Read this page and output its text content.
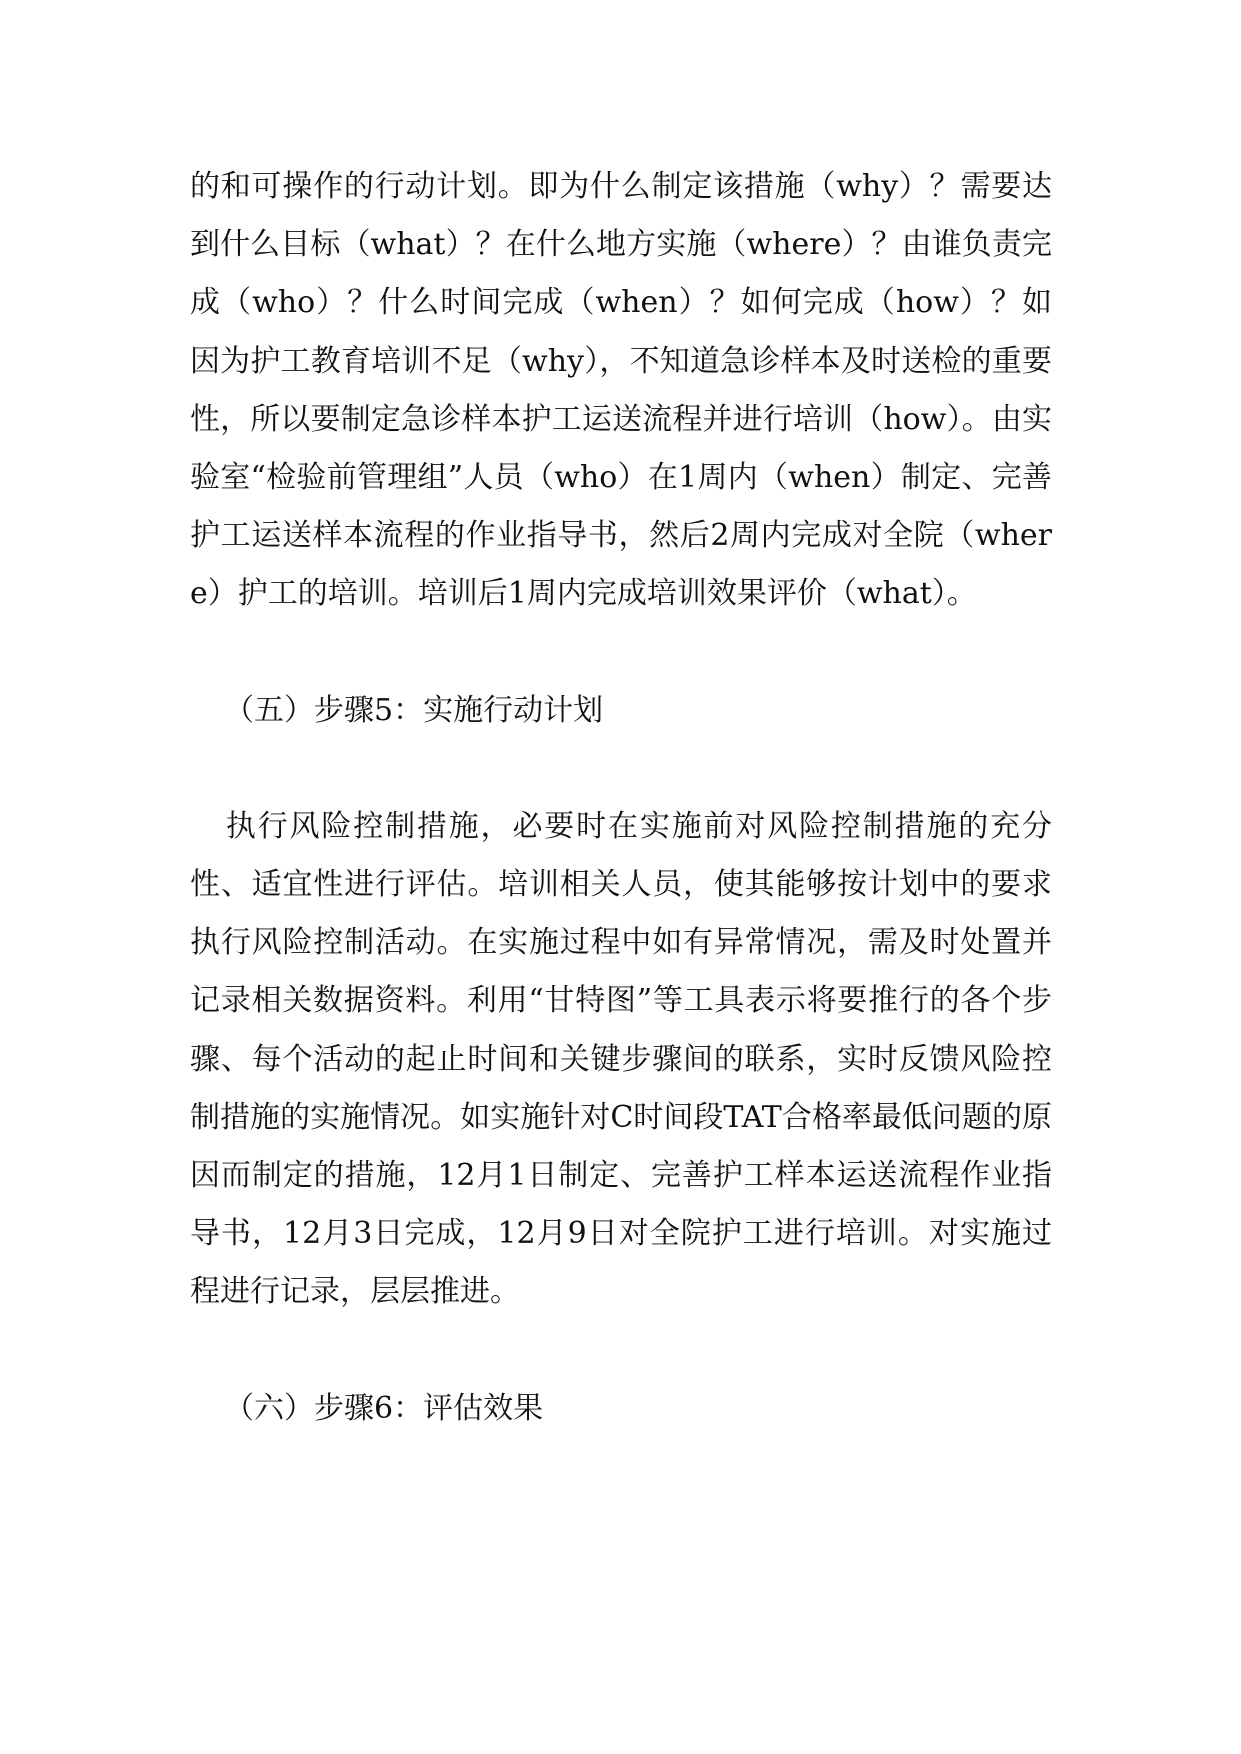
的和可操作的行动计划。即为什么制定该措施（why）？需要达到什么目标（what）？在什么地方实施（where）？由谁负责完成（who）？什么时间完成（when）？如何完成（how）？如因为护工教育培训不足（why），不知道急诊样本及时送检的重要性，所以要制定急诊样本护工运送流程并进行培训（how）。由实验室“检验前管理组”人员（who）在1周内（when）制定、完善护工运送样本流程的作业指导书，然后2周内完成对全院（where）护工的培训。培训后1周内完成培训效果评价（what）。

（五）步骤5：实施行动计划

执行风险控制措施，必要时在实施前对风险控制措施的充分性、适宜性进行评估。培训相关人员，使其能够按计划中的要求执行风险控制活动。在实施过程中如有异常情况，需及时处置并记录相关数据资料。利用“甘特图”等工具表示将要推行的各个步骤、每个活动的起止时间和关键步骤间的联系，实时反馈风险控制措施的实施情况。如实施针对C时间段TAT合格率最低问题的原因而制定的措施，12月1日制定、完善护工样本运送流程作业指导书，12月3日完成，12月9日对全院护工进行培训。对实施过程进行记录，层层推进。

（六）步骤6：评估效果
